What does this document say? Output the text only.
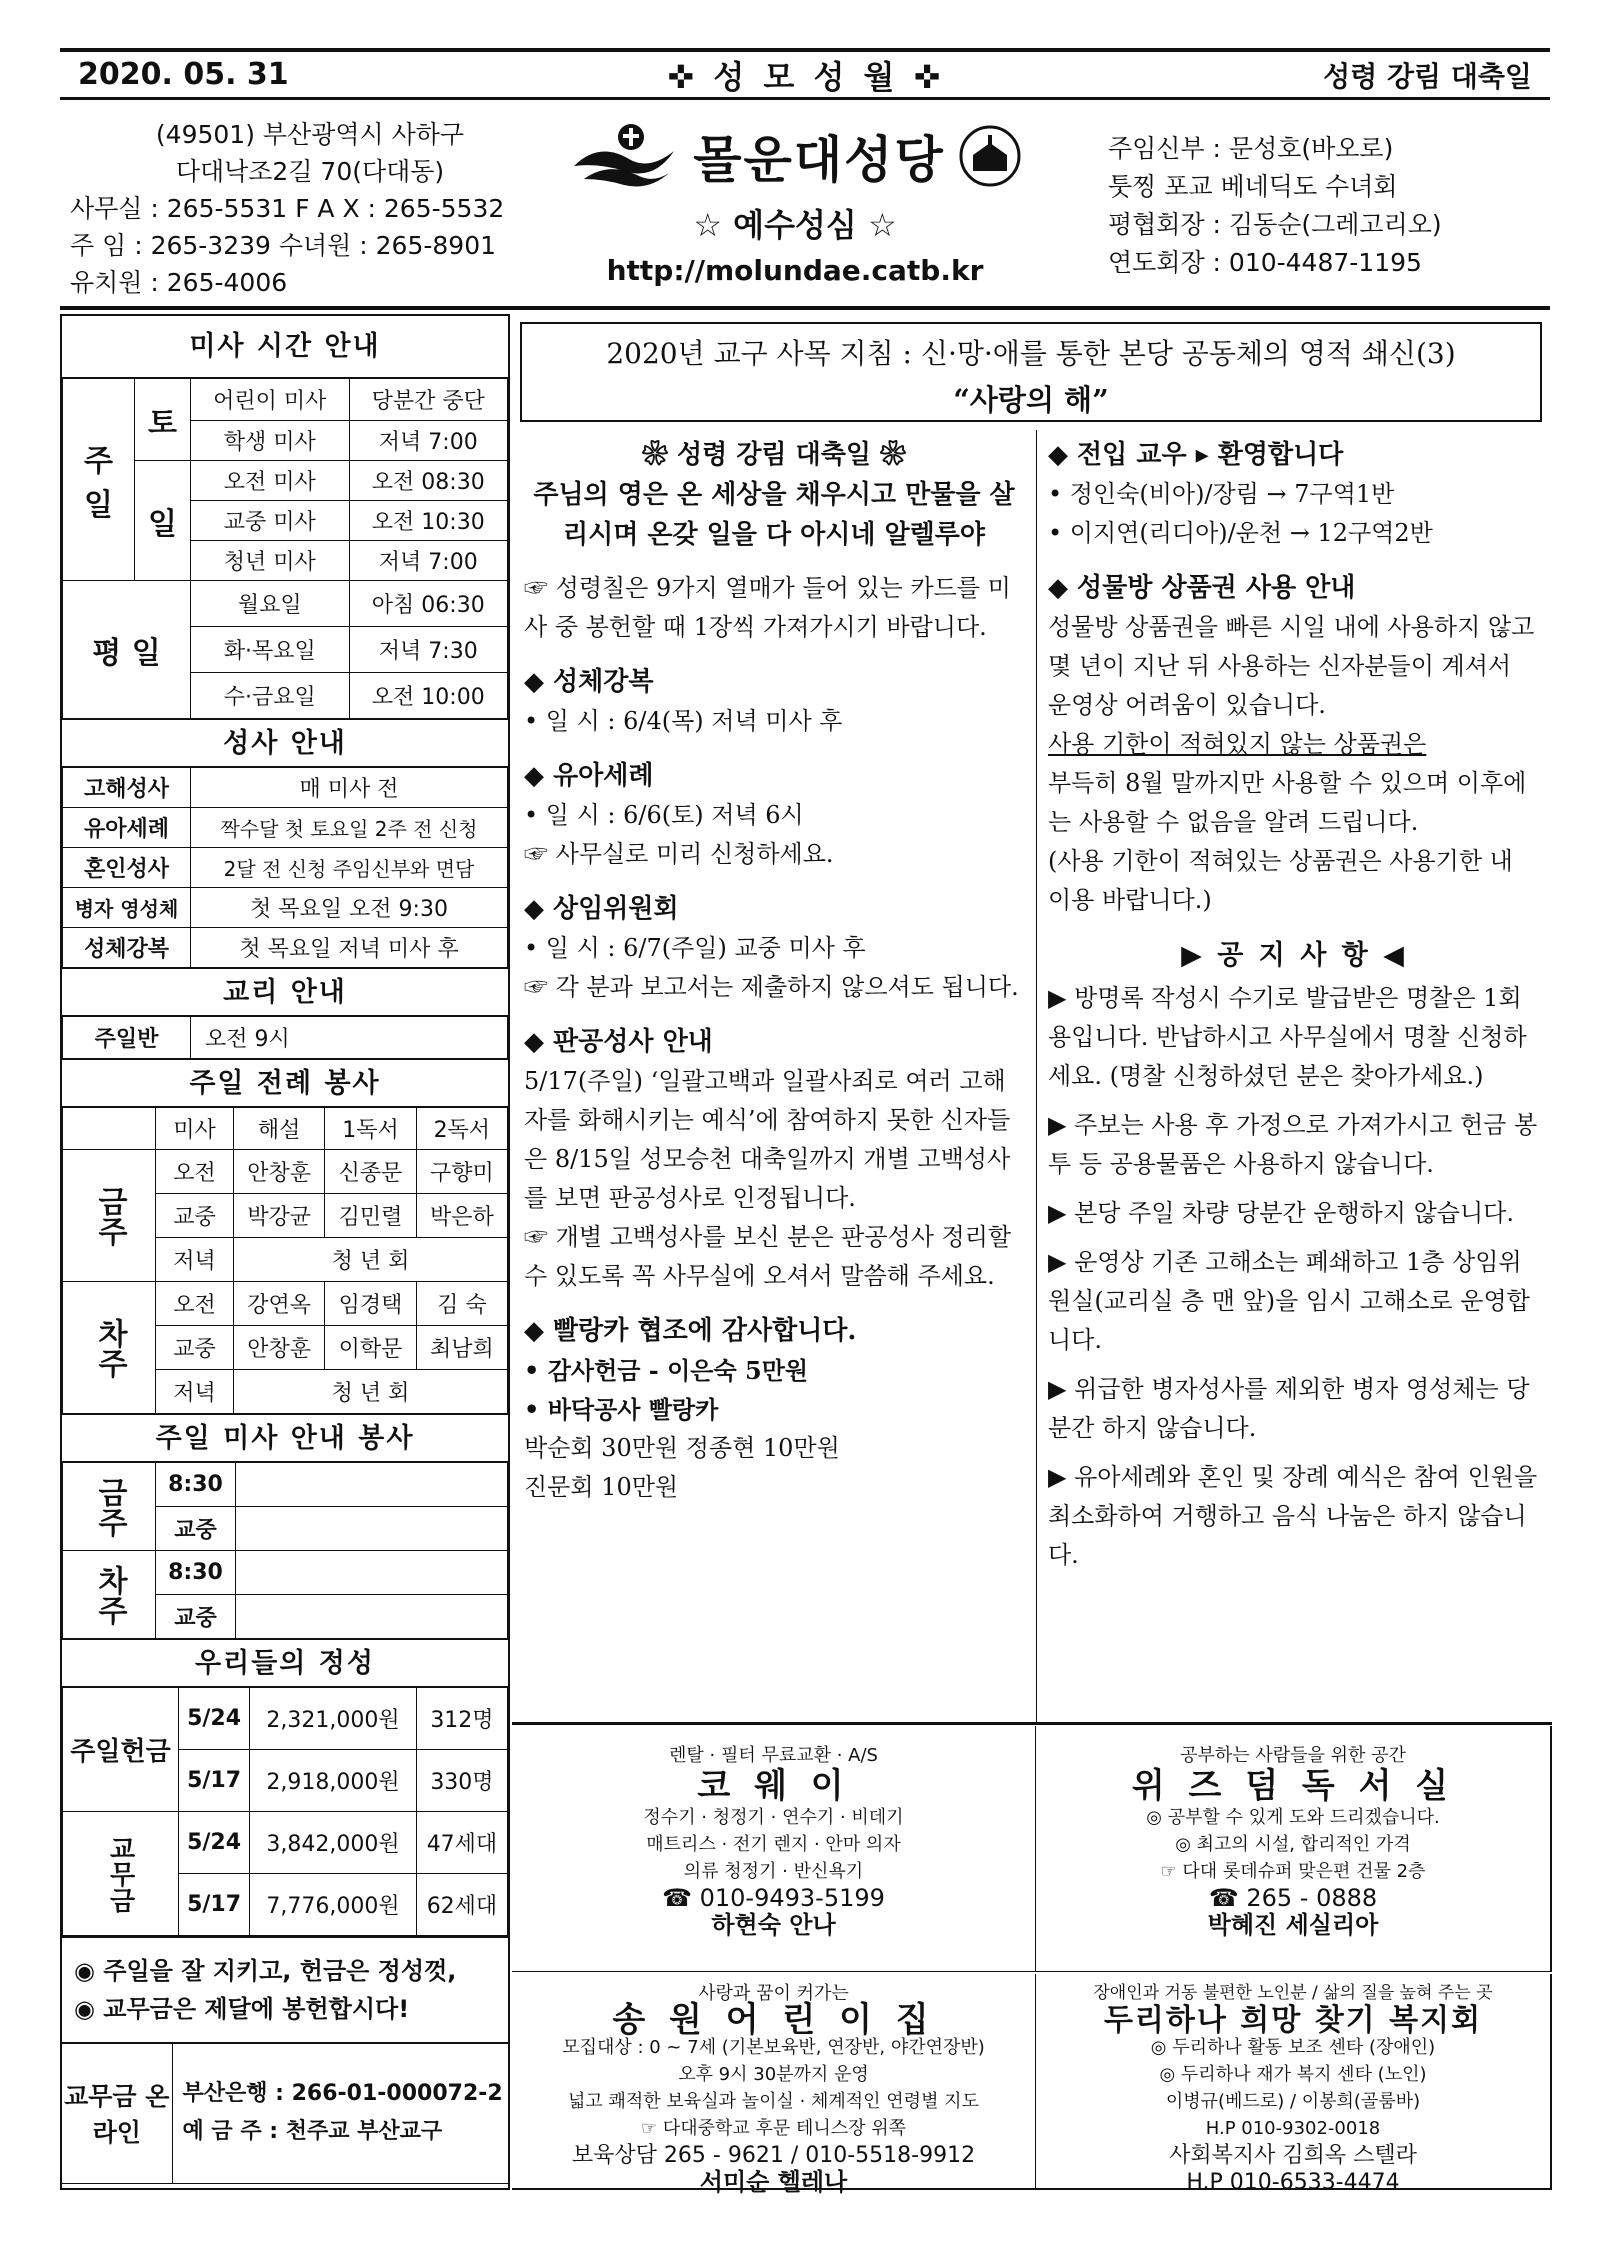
2020. 05. 31	✜ 성 모 성 월 ✜	성령 강림 대축일
(49501) 부산광역시 사하구
다대낙조2길 70(다대동)
사무실 : 265-5531 F A X : 265-5532
주 임 : 265-3239 수녀원 : 265-8901
유치원 : 265-4006
몰운대성당
☆ 예수성심 ☆
http://molundae.catb.kr
주임신부 : 문성호(바오로)
툿찡 포교 베네딕도 수녀회
평협회장 : 김동순(그레고리오)
연도회장 : 010-4487-1195
미사 시간 안내
주 일	토	어린이 미사	당분간 중단
		학생 미사	저녁 7:00
	일	오전 미사	오전 08:30
		교중 미사	오전 10:30
		청년 미사	저녁 7:00
평 일		월요일	아침 06:30
		화·목요일	저녁 7:30
		수·금요일	오전 10:00
성사 안내
고해성사	매 미사 전
유아세례	짝수달 첫 토요일 2주 전 신청
혼인성사	2달 전 신청 주임신부와 면담
병자 영성체	첫 목요일 오전 9:30
성체강복	첫 목요일 저녁 미사 후
교리 안내
주일반	오전 9시
주일 전례 봉사
	미사	해설	1독서	2독서
금주	오전	안창훈	신종문	구향미
	교중	박강균	김민렬	박은하
	저녁	청 년 회		
차주	오전	강연옥	임경택	김 숙
	교중	안창훈	이학문	최남희
	저녁	청 년 회		
주일 미사 안내 봉사
금주	8:30	
	교중	
차주	8:30	
	교중	
우리들의 정성
주일헌금	5/24	2,321,000원	312명
	5/17	2,918,000원	330명
교무금	5/24	3,842,000원	47세대
	5/17	7,776,000원	62세대
◉ 주일을 잘 지키고, 헌금은 정성껏,
◉ 교무금은 제달에 봉헌합시다!
교무금 온라인	
부산은행 : 266-01-000072-2
예 금 주 : 천주교 부산교구
2020년 교구 사목 지침 : 신·망·애를 통한 본당 공동체의 영적 쇄신(3)
“사랑의 해”
❀ 성령 강림 대축일 ❀
주님의 영은 온 세상을 채우시고 만물을 살리시며 온갖 일을 다 아시네 알렐루야

☞ 성령칠은 9가지 열매가 들어 있는 카드를 미사 중 봉헌할 때 1장씩 가져가시기 바랍니다.

◆ 성체강복

• 일 시 : 6/4(목) 저녁 미사 후

◆ 유아세례

• 일 시 : 6/6(토) 저녁 6시

☞ 사무실로 미리 신청하세요.

◆ 상임위원회

• 일 시 : 6/7(주일) 교중 미사 후

☞ 각 분과 보고서는 제출하지 않으셔도 됩니다.

◆ 판공성사 안내

5/17(주일) ‘일괄고백과 일괄사죄로 여러 고해자를 화해시키는 예식’에 참여하지 못한 신자들은 8/15일 성모승천 대축일까지 개별 고백성사를 보면 판공성사로 인정됩니다.

☞ 개별 고백성사를 보신 분은 판공성사 정리할 수 있도록 꼭 사무실에 오셔서 말씀해 주세요.

◆ 빨랑카 협조에 감사합니다.

• 감사헌금 - 이은숙 5만원

• 바닥공사 빨랑카

박순회 30만원 정종현 10만원

진문회 10만원

◆ 전입 교우 ▸ 환영합니다

• 정인숙(비아)/장림 → 7구역1반

• 이지연(리디아)/운천 → 12구역2반

◆ 성물방 상품권 사용 안내

성물방 상품권을 빠른 시일 내에 사용하지 않고 몇 년이 지난 뒤 사용하는 신자분들이 계셔서 운영상 어려움이 있습니다.

사용 기한이 적혀있지 않는 상품권은

부득히 8월 말까지만 사용할 수 있으며 이후에는 사용할 수 없음을 알려 드립니다.

(사용 기한이 적혀있는 상품권은 사용기한 내 이용 바랍니다.)

▶ 공 지 사 항 ◀

▶ 방명록 작성시 수기로 발급받은 명찰은 1회용입니다. 반납하시고 사무실에서 명찰 신청하세요. (명찰 신청하셨던 분은 찾아가세요.)

▶ 주보는 사용 후 가정으로 가져가시고 헌금 봉투 등 공용물품은 사용하지 않습니다.

▶ 본당 주일 차량 당분간 운행하지 않습니다.

▶ 운영상 기존 고해소는 폐쇄하고 1층 상임위원실(교리실 층 맨 앞)을 임시 고해소로 운영합니다.

▶ 위급한 병자성사를 제외한 병자 영성체는 당분간 하지 않습니다.

▶ 유아세례와 혼인 및 장례 예식은 참여 인원을 최소화하여 거행하고 음식 나눔은 하지 않습니다.

렌탈 · 필터 무료교환 · A/S
코 웨 이
정수기 · 청정기 · 연수기 · 비데기
매트리스 · 전기 렌지 · 안마 의자
의류 청정기 · 반신욕기
☎ 010-9493-5199
하현숙 안나
공부하는 사람들을 위한 공간
위 즈 덤 독 서 실
◎ 공부할 수 있게 도와 드리겠습니다.
◎ 최고의 시설, 합리적인 가격
☞ 다대 롯데슈퍼 맞은편 건물 2층
☎ 265 - 0888
박혜진 세실리아
사랑과 꿈이 커가는
송 원 어 린 이 집
모집대상 : 0 ~ 7세 (기본보육반, 연장반, 야간연장반)
오후 9시 30분까지 운영
넓고 쾌적한 보육실과 놀이실 · 체계적인 연령별 지도
☞ 다대중학교 후문 테니스장 위쪽
보육상담 265 - 9621 / 010-5518-9912
서미순 헬레나
장애인과 거동 불편한 노인분 / 삶의 질을 높혀 주는 곳
두리하나 희망 찾기 복지회
◎ 두리하나 활동 보조 센타 (장애인)
◎ 두리하나 재가 복지 센타 (노인)
이병규(베드로) / 이봉희(골룸바)
H.P 010-9302-0018
사회복지사 김희옥 스텔라
H.P 010-6533-4474
